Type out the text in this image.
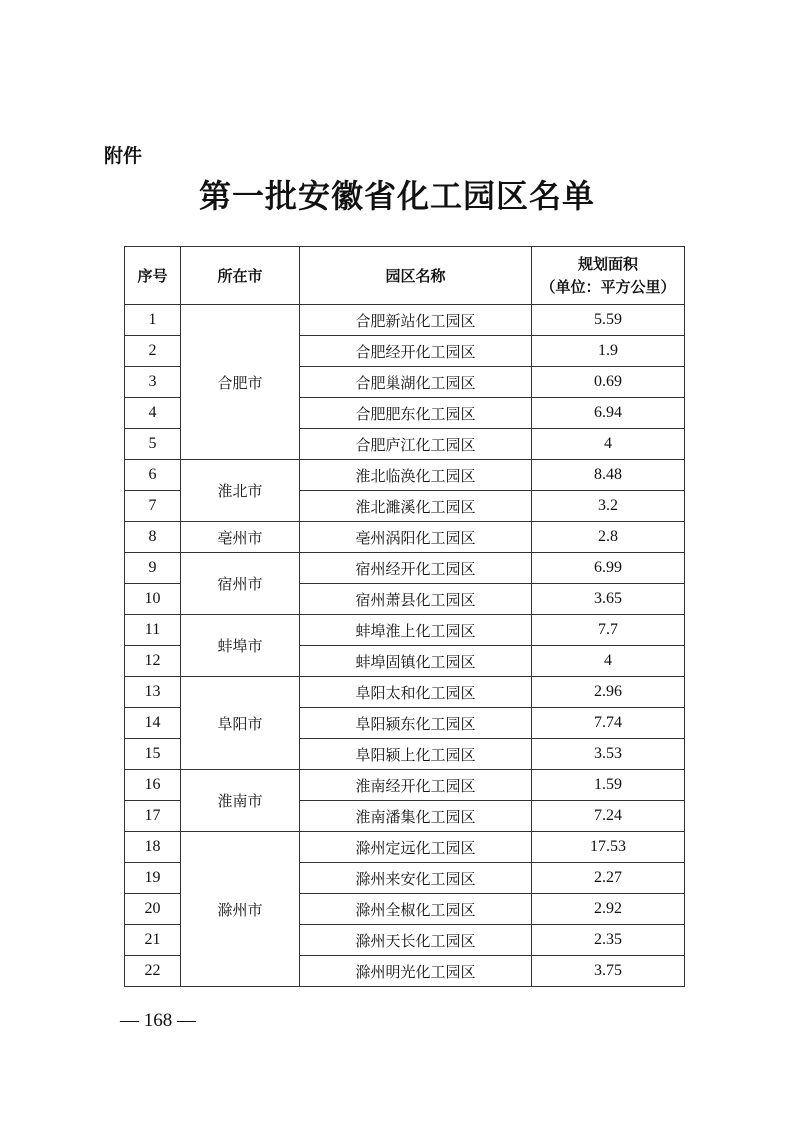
附件
第一批安徽省化工园区名单
序号	所在市	园区名称	规划面积
（单位：平方公里）

1	合肥市	合肥新站化工园区	5.59
2		合肥经开化工园区	1.9
3		合肥巢湖化工园区	0.69
4		合肥肥东化工园区	6.94
5		合肥庐江化工园区	4
6	淮北市	淮北临涣化工园区	8.48
7		淮北濉溪化工园区	3.2
8	亳州市	亳州涡阳化工园区	2.8
9	宿州市	宿州经开化工园区	6.99
10		宿州萧县化工园区	3.65
11	蚌埠市	蚌埠淮上化工园区	7.7
12		蚌埠固镇化工园区	4
13	阜阳市	阜阳太和化工园区	2.96
14		阜阳颍东化工园区	7.74
15		阜阳颍上化工园区	3.53
16	淮南市	淮南经开化工园区	1.59
17		淮南潘集化工园区	7.24
18	滁州市	滁州定远化工园区	17.53
19		滁州来安化工园区	2.27
20		滁州全椒化工园区	2.92
21		滁州天长化工园区	2.35
22		滁州明光化工园区	3.75
— 168 —
